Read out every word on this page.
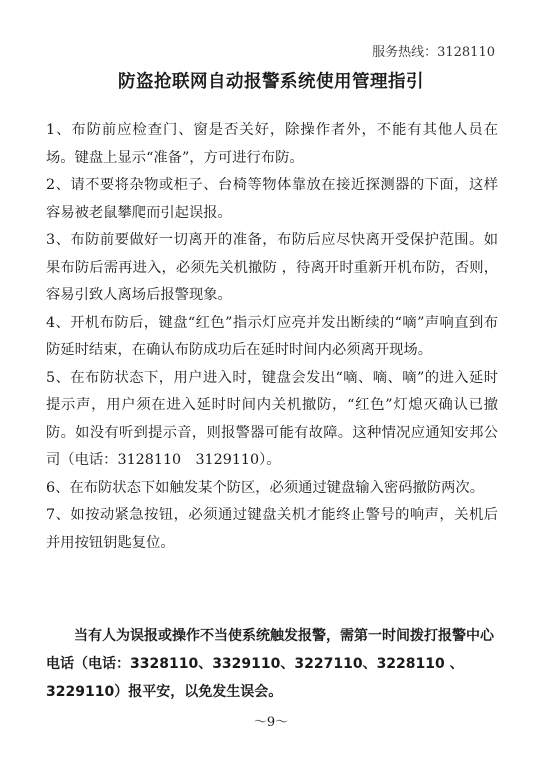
服务热线：3128110
防盗抢联网自动报警系统使用管理指引

1、布防前应检查门、窗是否关好，除操作者外，不能有其他人员在场。键盘上显示“准备”，方可进行布防。

2、请不要将杂物或柜子、台椅等物体靠放在接近探测器的下面，这样容易被老鼠攀爬而引起误报。

3、布防前要做好一切离开的准备，布防后应尽快离开受保护范围。如果布防后需再进入，必须先关机撤防 ，待离开时重新开机布防，否则，容易引致人离场后报警现象。

4、开机布防后，键盘“红色”指示灯应亮并发出断续的“嘀”声响直到布防延时结束，在确认布防成功后在延时时间内必须离开现场。

5、在布防状态下，用户进入时，键盘会发出“嘀、嘀、嘀”的进入延时提示声，用户须在进入延时时间内关机撤防，“红色”灯熄灭确认已撤防。如没有听到提示音，则报警器可能有故障。这种情况应通知安邦公司（电话：3128110　3129110）。

6、在布防状态下如触发某个防区，必须通过键盘输入密码撤防两次。

7、如按动紧急按钮，必须通过键盘关机才能终止警号的响声，关机后并用按钮钥匙复位。

当有人为误报或操作不当使系统触发报警，需第一时间拨打报警中心电话（电话：3328110、3329110、3227110、3228110 、3229110）报平安，以免发生误会。
～9～
